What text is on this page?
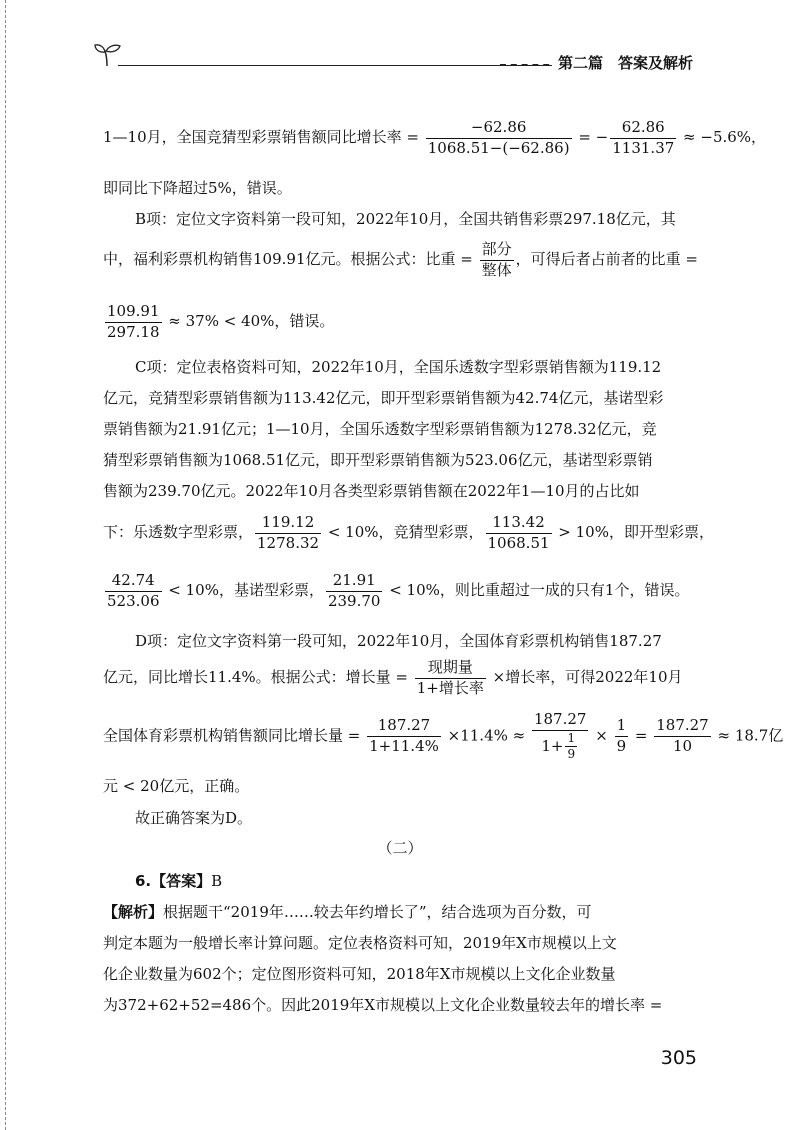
第二篇　答案及解析
1—10月，全国竞猜型彩票销售额同比增长率 = $\frac{-62.86}{1068.51-(-62.86)}$ = − $\frac{62.86}{1131.37} \approx -5.6\%$，
即同比下降超过5%，错误。
B项：定位文字资料第一段可知，2022年10月，全国共销售彩票297.18亿元，其
中，福利彩票机构销售109.91亿元。根据公式：比重 = $\frac{\text{部分}}{\text{整体}}$ ，可得后者占前者的比重 =
$\frac{109.91}{297.18} \approx 37\% < 40\%$，错误。
C项：定位表格资料可知，2022年10月，全国乐透数字型彩票销售额为119.12
亿元，竞猜型彩票销售额为113.42亿元，即开型彩票销售额为42.74亿元，基诺型彩
票销售额为21.91亿元；1—10月，全国乐透数字型彩票销售额为1278.32亿元，竞
猜型彩票销售额为1068.51亿元，即开型彩票销售额为523.06亿元，基诺型彩票销
售额为239.70亿元。2022年10月各类型彩票销售额在2022年1—10月的占比如
下：乐透数字型彩票， $\frac{119.12}{1278.32} < 10\%$，竞猜型彩票， $\frac{113.42}{1068.51} > 10\%$，即开型彩票，
$\frac{42.74}{523.06} < 10\%$，基诺型彩票， $\frac{21.91}{239.70} < 10\%$，则比重超过一成的只有1个，错误。
D项：定位文字资料第一段可知，2022年10月，全国体育彩票机构销售187.27
亿元，同比增长11.4%。根据公式：增长量 = $\frac{\text{现期量}}{\text{1+增长率}}$ ×增长率，可得2022年10月
全国体育彩票机构销售额同比增长量 = $\frac{187.27}{1+11.4\%} \times 11.4\% \approx \frac{187.27}{1+ \frac{1}{9}} \times \frac{1}{9} = \frac{187.27}{10} \approx 18.7$亿
元 < 20亿元，正确。
故正确答案为D。
（二）
6.【答案】B
【解析】根据题干“2019年……较去年约增长了”，结合选项为百分数，可
判定本题为一般增长率计算问题。定位表格资料可知，2019年X市规模以上文
化企业数量为602个；定位图形资料可知，2018年X市规模以上文化企业数量
为372+62+52=486个。因此2019年X市规模以上文化企业数量较去年的增长率 =
305
